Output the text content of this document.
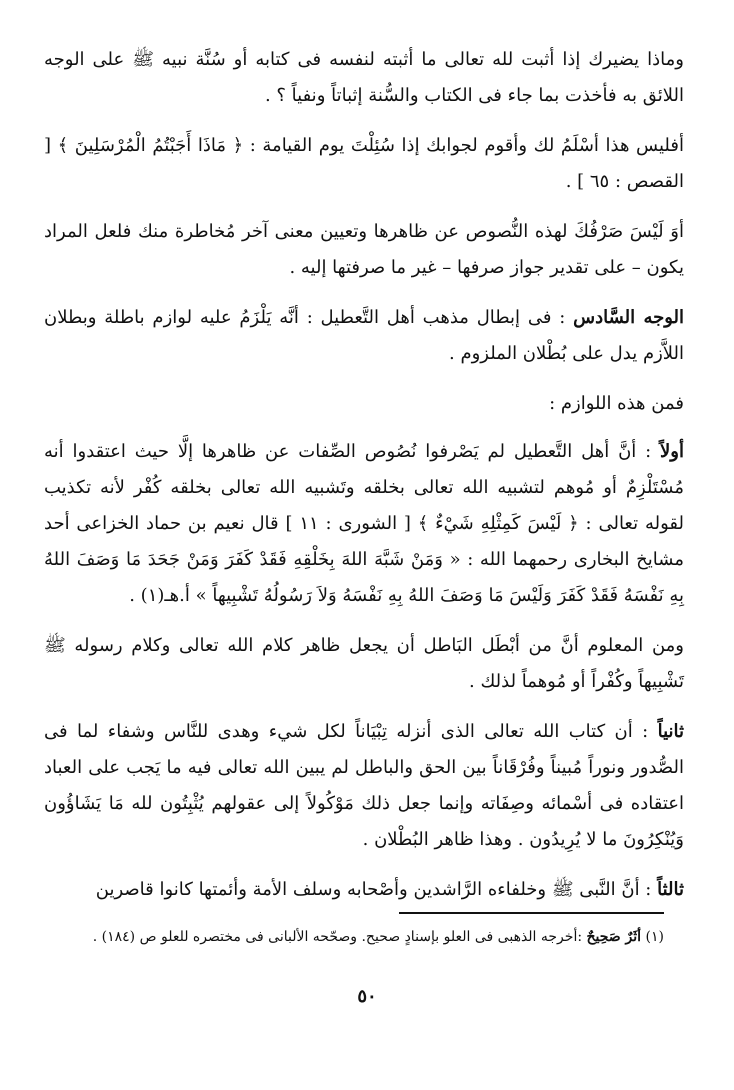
وماذا يضيرك إذا أثبت لله تعالى ما أثبته لنفسه فى كتابه أو سُنَّة نبيه ﷺ على الوجه اللائق به فأخذت بما جاء فى الكتاب والسُّنة إثباتاً ونفياً ؟ .

أفليس هذا أسْلَمُ لك وأقوم لجوابك إذا سُئِلْتَ يوم القيامة : ﴿ مَاذَا أَجَبْتُمُ الْمُرْسَلِينَ ﴾ [ القصص : ٦٥ ] .

أوَ لَيْسَ صَرْفُكَ لهذه النُّصوص عن ظاهرها وتعيين معنى آخر مُخاطرة منك فلعل المراد يكون – على تقدير جواز صرفها – غير ما صرفتها إليه .

الوجه السَّادس : فى إبطال مذهب أهل التَّعطيل : أنَّه يَلْزَمُ عليه لوازم باطلة وبطلان اللاَّزم يدل على بُطْلان الملزوم .

فمن هذه اللوازم :

أولاً : أنَّ أهل التَّعطيل لم يَصْرفوا نُصُوص الصِّفات عن ظاهرها إلَّا حيث اعتقدوا أنه مُسْتَلْزِمٌ أو مُوهم لتشبيه الله تعالى بخلقه وتَشبيه الله تعالى بخلقه كُفْر لأنه تكذيب لقوله تعالى : ﴿ لَيْسَ كَمِثْلِهِ شَيْءٌ ﴾ [ الشورى : ١١ ] قال نعيم بن حماد الخزاعى أحد مشايخ البخارى رحمهما الله : « وَمَنْ شَبَّهَ اللهَ بِخَلْقِهِ فَقَدْ كَفَرَ وَمَنْ جَحَدَ مَا وَصَفَ اللهُ بِهِ نَفْسَهُ فَقَدْ كَفَرَ وَلَيْسَ مَا وَصَفَ اللهُ بِهِ نَفْسَهُ وَلاَ رَسُولُهُ تَشْبِيهاً » أ.هـ(١) .

ومن المعلوم أنَّ من أبْطَل البَاطل أن يجعل ظاهر كلام الله تعالى وكلام رسوله ﷺ تَشْبِيهاً وكُفْراً أو مُوهماً لذلك .

ثانياً : أن كتاب الله تعالى الذى أنزله تِبْيَاناً لكل شيء وهدى للنَّاس وشفاء لما فى الصُّدور ونوراً مُبيناً وفُرْقَاناً بين الحق والباطل لم يبين الله تعالى فيه ما يَجب على العباد اعتقاده فى أسْمائه وصِفَاته وإنما جعل ذلك مَوْكُولاً إلى عقولهم يُثْبِتُون لله مَا يَشَاؤُون وَيُنْكِرُونَ ما لا يُرِيدُون . وهذا ظاهر البُطْلان .

ثالثاً : أنَّ النَّبى ﷺ وخلفاءه الرَّاشدين وأصْحابه وسلف الأمة وأئمتها كانوا قاصرين

(١) أثَرٌ صَحِيحٌ :أخرجه الذهبى فى العلو بإسنادٍ صحيح. وصحّحه الألبانى فى مختصره للعلو ص (١٨٤) .
٥٠
